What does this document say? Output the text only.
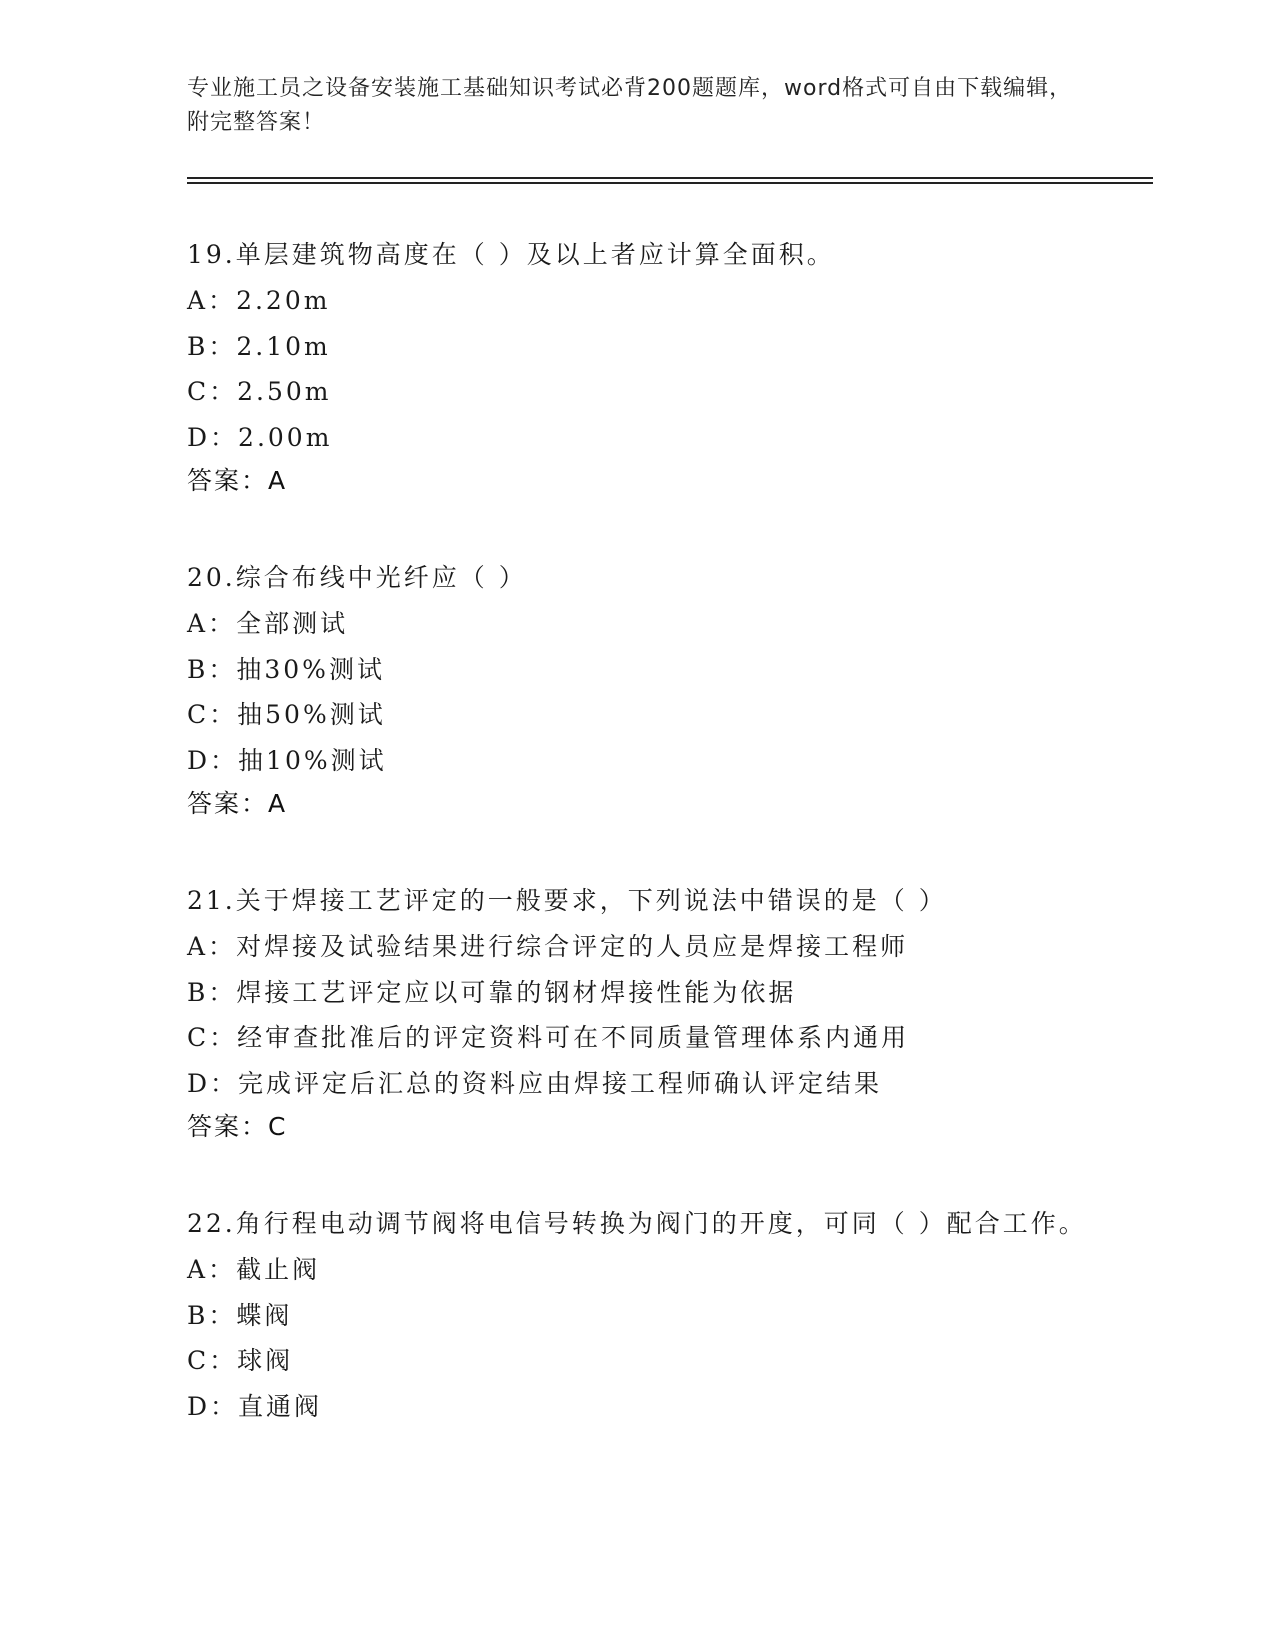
专业施工员之设备安装施工基础知识考试必背200题题库，word格式可自由下载编辑，附完整答案！

19.单层建筑物高度在（ ）及以上者应计算全面积。

A：2.20m

B：2.10m

C：2.50m

D：2.00m

答案：A

20.综合布线中光纤应（ ）

A：全部测试

B：抽30%测试

C：抽50%测试

D：抽10%测试

答案：A

21.关于焊接工艺评定的一般要求，下列说法中错误的是（ ）

A：对焊接及试验结果进行综合评定的人员应是焊接工程师

B：焊接工艺评定应以可靠的钢材焊接性能为依据

C：经审查批准后的评定资料可在不同质量管理体系内通用

D：完成评定后汇总的资料应由焊接工程师确认评定结果

答案：C

22.角行程电动调节阀将电信号转换为阀门的开度，可同（ ）配合工作。

A：截止阀

B：蝶阀

C：球阀

D：直通阀
